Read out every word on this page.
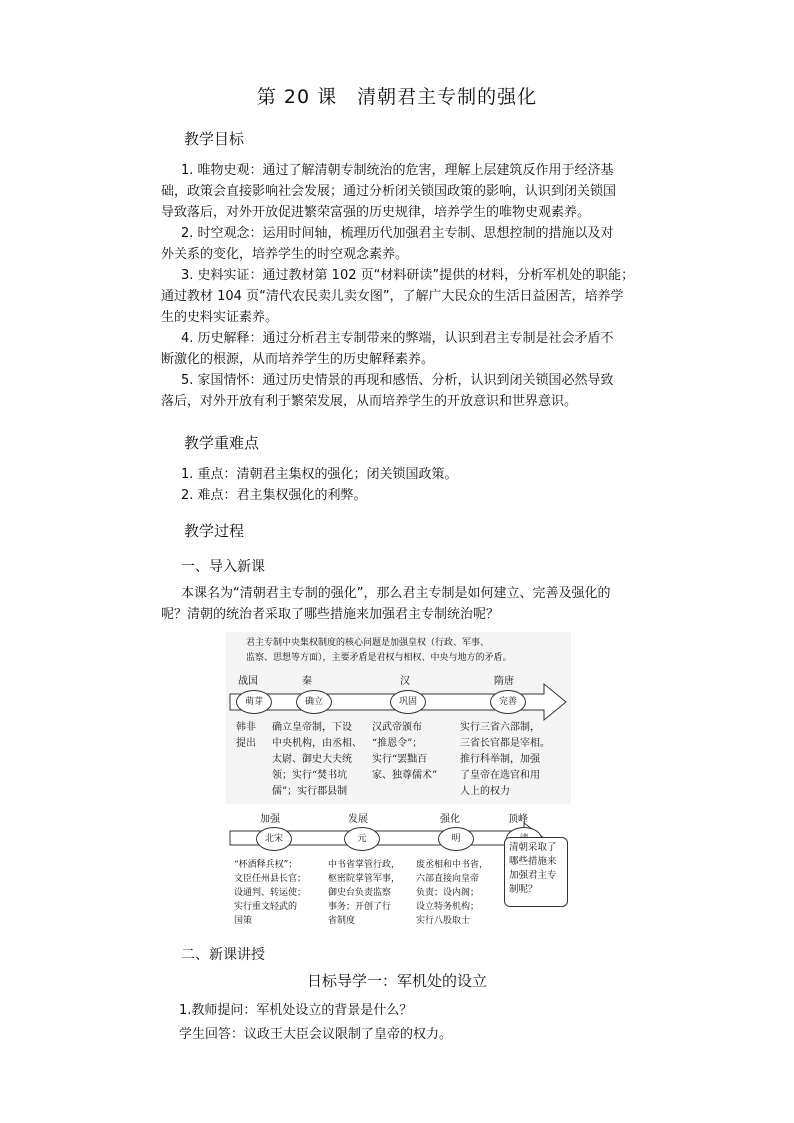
第 20 课　清朝君主专制的强化
教学目标
1. 唯物史观：通过了解清朝专制统治的危害，理解上层建筑反作用于经济基
础，政策会直接影响社会发展；通过分析闭关锁国政策的影响，认识到闭关锁国
导致落后，对外开放促进繁荣富强的历史规律，培养学生的唯物史观素养。
2. 时空观念：运用时间轴，梳理历代加强君主专制、思想控制的措施以及对
外关系的变化，培养学生的时空观念素养。
3. 史料实证：通过教材第 102 页“材料研读”提供的材料，分析军机处的职能；
通过教材 104 页“清代农民卖儿卖女图”，了解广大民众的生活日益困苦，培养学
生的史料实证素养。
4. 历史解释：通过分析君主专制带来的弊端，认识到君主专制是社会矛盾不
断激化的根源，从而培养学生的历史解释素养。
5. 家国情怀：通过历史情景的再现和感悟、分析，认识到闭关锁国必然导致
落后，对外开放有利于繁荣发展，从而培养学生的开放意识和世界意识。
教学重难点
1. 重点：清朝君主集权的强化；闭关锁国政策。
2. 难点：君主集权强化的利弊。
教学过程
一、导入新课
本课名为“清朝君主专制的强化”，那么君主专制是如何建立、完善及强化的
呢？清朝的统治者采取了哪些措施来加强君主专制统治呢？
君主专制中央集权制度的核心问题是加强皇权（行政、军事、
监察、思想等方面），主要矛盾是君权与相权、中央与地方的矛盾。
战国	秦	汉	隋唐
萌芽	确立	巩固	完善
韩非
提出
确立皇帝制，下设
中央机构，由丞相、
太尉、御史大夫统
领；实行“焚书坑
儒”；实行郡县制
汉武帝颁布
“推恩令”；
实行“罢黜百
家、独尊儒术”
实行三省六部制，
三省长官都是宰相。
推行科举制，加强
了皇帝在选官和用
人上的权力
加强	发展	强化	顶峰
北宋	元	明
“杯酒释兵权”；
文臣任州县长官；
设通判、转运使；
实行重文轻武的
国策
中书省掌管行政，
枢密院掌管军事，
御史台负责监察
事务；开创了行
省制度
废丞相和中书省，
六部直接向皇帝
负责；设内阁；
设立特务机构；
实行八股取士
清朝采取了
哪些措施来
加强君主专
制呢？
二、新课讲授
日标导学一：军机处的设立
1.教师提问：军机处设立的背景是什么？
学生回答：议政王大臣会议限制了皇帝的权力。
